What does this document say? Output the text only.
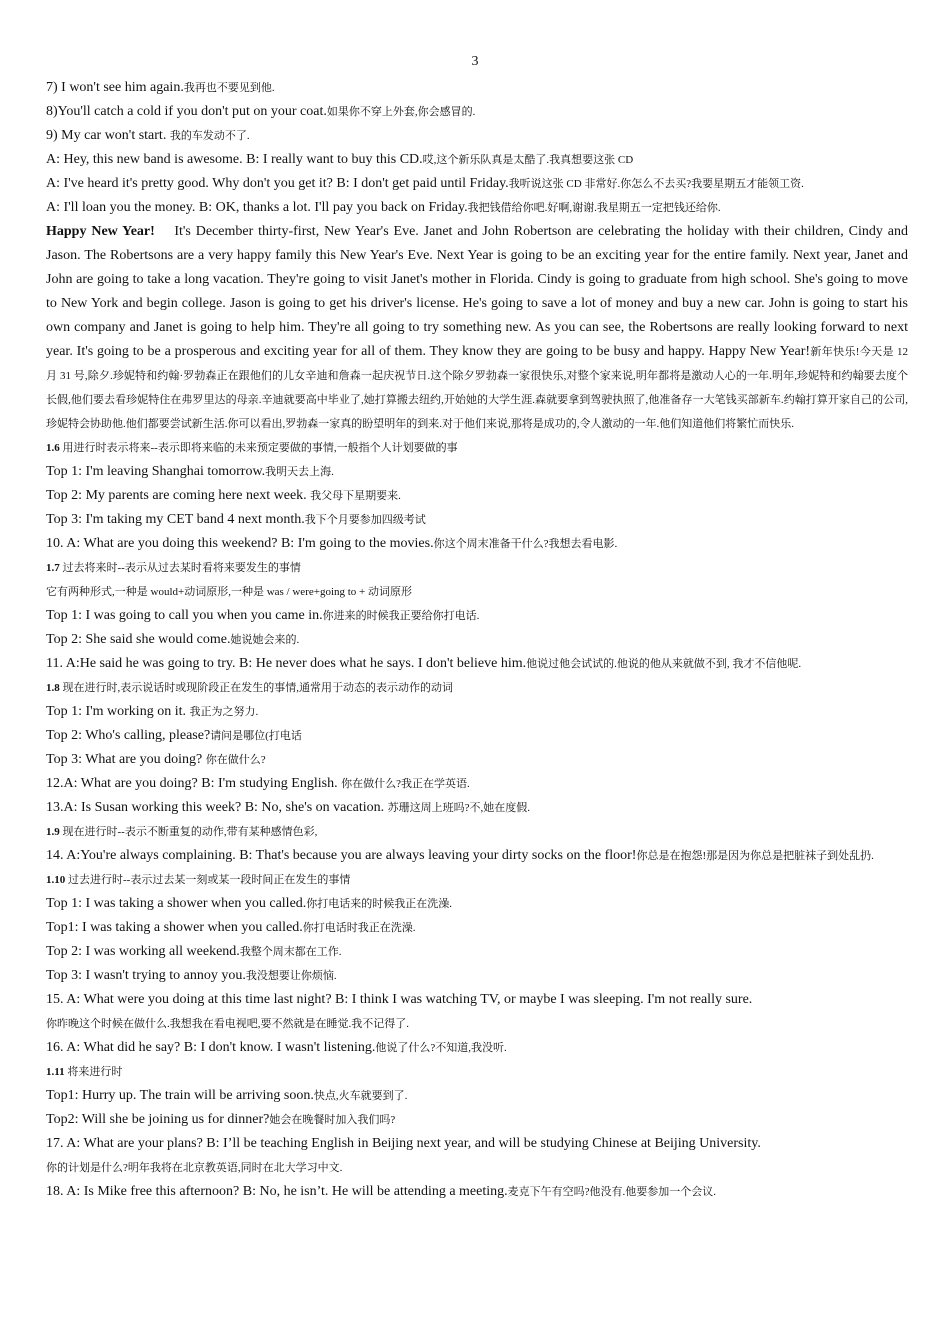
3
7) I won't see him again.我再也不要见到他.
8)You'll catch a cold if you don't put on your coat.如果你不穿上外套,你会感冒的.
9) My car won't start. 我的车发动不了.
A: Hey, this new band is awesome. B: I really want to buy this CD.哎,这个新乐队真是太酷了.我真想要这张 CD
A: I've heard it's pretty good. Why don't you get it? B: I don't get paid until Friday.我听说这张 CD 非常好.你怎么不去买?我要星期五才能领工资.
A: I'll loan you the money. B: OK, thanks a lot. I'll pay you back on Friday.我把钱借给你吧.好啊,谢谢.我星期五一定把钱还给你.
Happy New Year! It's December thirty-first, New Year's Eve. Janet and John Robertson are celebrating the holiday with their children, Cindy and Jason. The Robertsons are a very happy family this New Year's Eve. Next Year is going to be an exciting year for the entire family. Next year, Janet and John are going to take a long vacation. They're going to visit Janet's mother in Florida. Cindy is going to graduate from high school. She's going to move to New York and begin college. Jason is going to get his driver's license. He's going to save a lot of money and buy a new car. John is going to start his own company and Janet is going to help him. They're all going to try something new. As you can see, the Robertsons are really looking forward to next year. It's going to be a prosperous and exciting year for all of them. They know they are going to be busy and happy. Happy New Year!新年快乐!今天是 12 月 31 号,除夕.珍妮特和约翰·罗勃森正在跟他们的儿女辛迪和詹森一起庆祝节日.这个除夕罗勃森一家很快乐,对整个家来说,明年都将是激动人心的一年.明年,珍妮特和约翰要去度个长假,他们要去看珍妮特住在弗罗里达的母亲.辛迪就要高中毕业了,她打算搬去纽约,开始她的大学生涯.森就要拿到驾驶执照了,他准备存一大笔钱买部新车.约翰打算开家自己的公司,珍妮特会协助他.他们都要尝试新生活.你可以看出,罗勃森一家真的盼望明年的到来.对于他们来说,那将是成功的,令人激动的一年.他们知道他们将繁忙而快乐.
1.6 用进行时表示将来--表示即将来临的未来预定要做的事情,一般指个人计划要做的事
Top 1: I'm leaving Shanghai tomorrow.我明天去上海.
Top 2: My parents are coming here next week. 我父母下星期要来.
Top 3: I'm taking my CET band 4 next month.我下个月要参加四级考试
10. A: What are you doing this weekend? B: I'm going to the movies.你这个周末准备干什么?我想去看电影.
1.7 过去将来时--表示从过去某时看将来要发生的事情
它有两种形式,一种是 would+动词原形,一种是 was / were+going to + 动词原形
Top 1: I was going to call you when you came in.你进来的时候我正要给你打电话.
Top 2: She said she would come.她说她会来的.
11. A:He said he was going to try. B: He never does what he says. I don't believe him.他说过他会试试的.他说的他从来就做不到, 我才不信他呢.
1.8 现在进行时,表示说话时或现阶段正在发生的事情,通常用于动态的表示动作的动词
Top 1: I'm working on it. 我正为之努力.
Top 2: Who's calling, please?请问是哪位(打电话
Top 3: What are you doing? 你在做什么?
12.A: What are you doing? B: I'm studying English. 你在做什么?我正在学英语.
13.A: Is Susan working this week? B: No, she's on vacation. 苏珊这周上班吗?不,她在度假.
1.9 现在进行时--表示不断重复的动作,带有某种感情色彩,
14. A:You're always complaining. B: That's because you are always leaving your dirty socks on the floor!你总是在抱怨!那是因为你总是把脏袜子到处乱扔.
1.10 过去进行时--表示过去某一刻或某一段时间正在发生的事情
Top 1: I was taking a shower when you called.你打电话来的时候我正在洗澡.
Top1: I was taking a shower when you called.你打电话时我正在洗澡.
Top 2: I was working all weekend.我整个周末都在工作.
Top 3: I wasn't trying to annoy you.我没想要让你烦恼.
15. A: What were you doing at this time last night? B: I think I was watching TV, or maybe I was sleeping. I'm not really sure.
你昨晚这个时候在做什么.我想我在看电视吧,要不然就是在睡觉.我不记得了.
16. A: What did he say? B: I don't know. I wasn't listening.他说了什么?不知道,我没听.
1.11 将来进行时
Top1: Hurry up. The train will be arriving soon.快点,火车就要到了.
Top2: Will she be joining us for dinner?她会在晚餐时加入我们吗?
17. A: What are your plans? B: I’ll be teaching English in Beijing next year, and will be studying Chinese at Beijing University.
你的计划是什么?明年我将在北京教英语,同时在北大学习中文.
18. A: Is Mike free this afternoon? B: No, he isn’t. He will be attending a meeting.麦克下午有空吗?他没有.他要参加一个会议.
